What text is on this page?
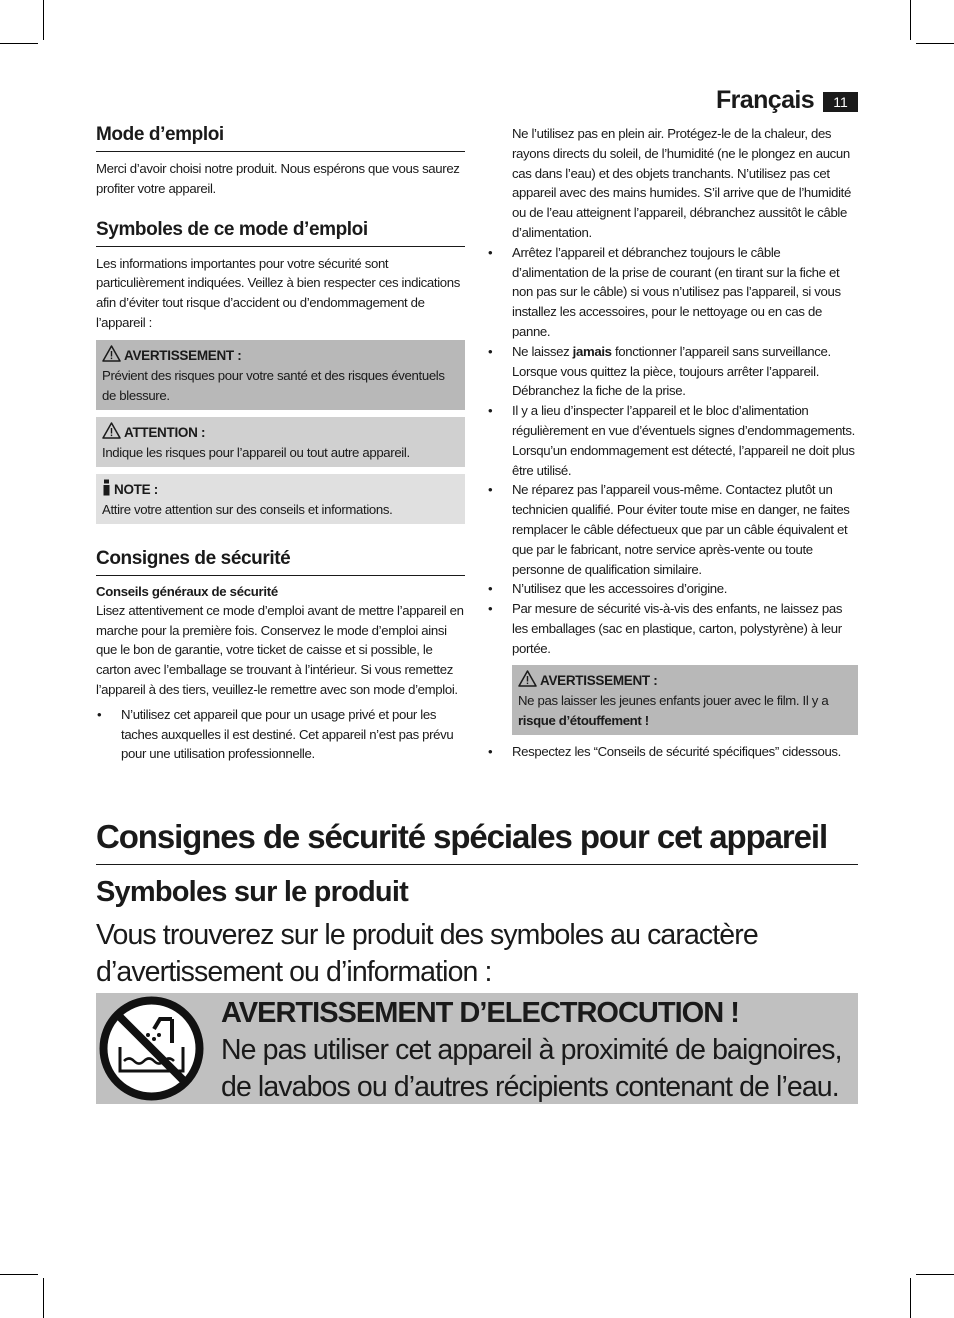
Français	11
Mode d’emploi
Merci d’avoir choisi notre produit. Nous espérons que vous saurez profiter votre appareil.
Symboles de ce mode d’emploi
Les informations importantes pour votre sécurité sont particulièrement indiquées. Veillez à bien respecter ces indications afin d’éviter tout risque d’accident ou d’endommagement de l’appareil :
AVERTISSEMENT :
Prévient des risques pour votre santé et des risques éventuels de blessure.
ATTENTION :
Indique les risques pour l’appareil ou tout autre appareil.
NOTE :
Attire votre attention sur des conseils et informations.
Consignes de sécurité
Conseils généraux de sécurité
Lisez attentivement ce mode d’emploi avant de mettre l’appareil en marche pour la première fois. Conservez le mode d’emploi ainsi que le bon de garantie, votre ticket de caisse et si possible, le carton avec l’emballage se trouvant à l’intérieur. Si vous remettez l’appareil à des tiers, veuillez-le remettre avec son mode d’emploi.
• N’utilisez cet appareil que pour un usage privé et pour les taches auxquelles il est destiné. Cet appareil n’est pas prévu pour une utilisation professionnelle.
Ne l’utilisez pas en plein air. Protégez-le de la chaleur, des rayons directs du soleil, de l’humidité (ne le plongez en aucun cas dans l’eau) et des objets tranchants. N’utilisez pas cet appareil avec des mains humides. S’il arrive que de l’humidité ou de l’eau atteignent l’appareil, débranchez aussitôt le câble d’alimentation.
• Arrêtez l’appareil et débranchez toujours le câble d’alimentation de la prise de courant (en tirant sur la fiche et non pas sur le câble) si vous n’utilisez pas l’appareil, si vous installez les accessoires, pour le nettoyage ou en cas de panne.
• Ne laissez jamais fonctionner l’appareil sans surveillance. Lorsque vous quittez la pièce, toujours arrêter l’appareil. Débranchez la fiche de la prise.
• Il y a lieu d’inspecter l’appareil et le bloc d’alimentation régulièrement en vue d’éventuels signes d’endommagements. Lorsqu’un endommagement est détecté, l’appareil ne doit plus être utilisé.
• Ne réparez pas l’appareil vous-même. Contactez plutôt un technicien qualifié. Pour éviter toute mise en danger, ne faites remplacer le câble défectueux que par un câble équivalent et que par le fabricant, notre service après-vente ou toute personne de qualification similaire.
• N’utilisez que les accessoires d’origine.
• Par mesure de sécurité vis-à-vis des enfants, ne laissez pas les emballages (sac en plastique, carton, polystyrène) à leur portée.
AVERTISSEMENT :
Ne pas laisser les jeunes enfants jouer avec le film. Il y a risque d’étouffement !
• Respectez les “Conseils de sécurité spécifiques” cidessous.
Consignes de sécurité spéciales pour cet appareil
Symboles sur le produit
Vous trouverez sur le produit des symboles au caractère d’avertissement ou d’information :
AVERTISSEMENT D’ELECTROCUTION !
Ne pas utiliser cet appareil à proximité de baignoires, de lavabos ou d’autres récipients contenant de l’eau.
